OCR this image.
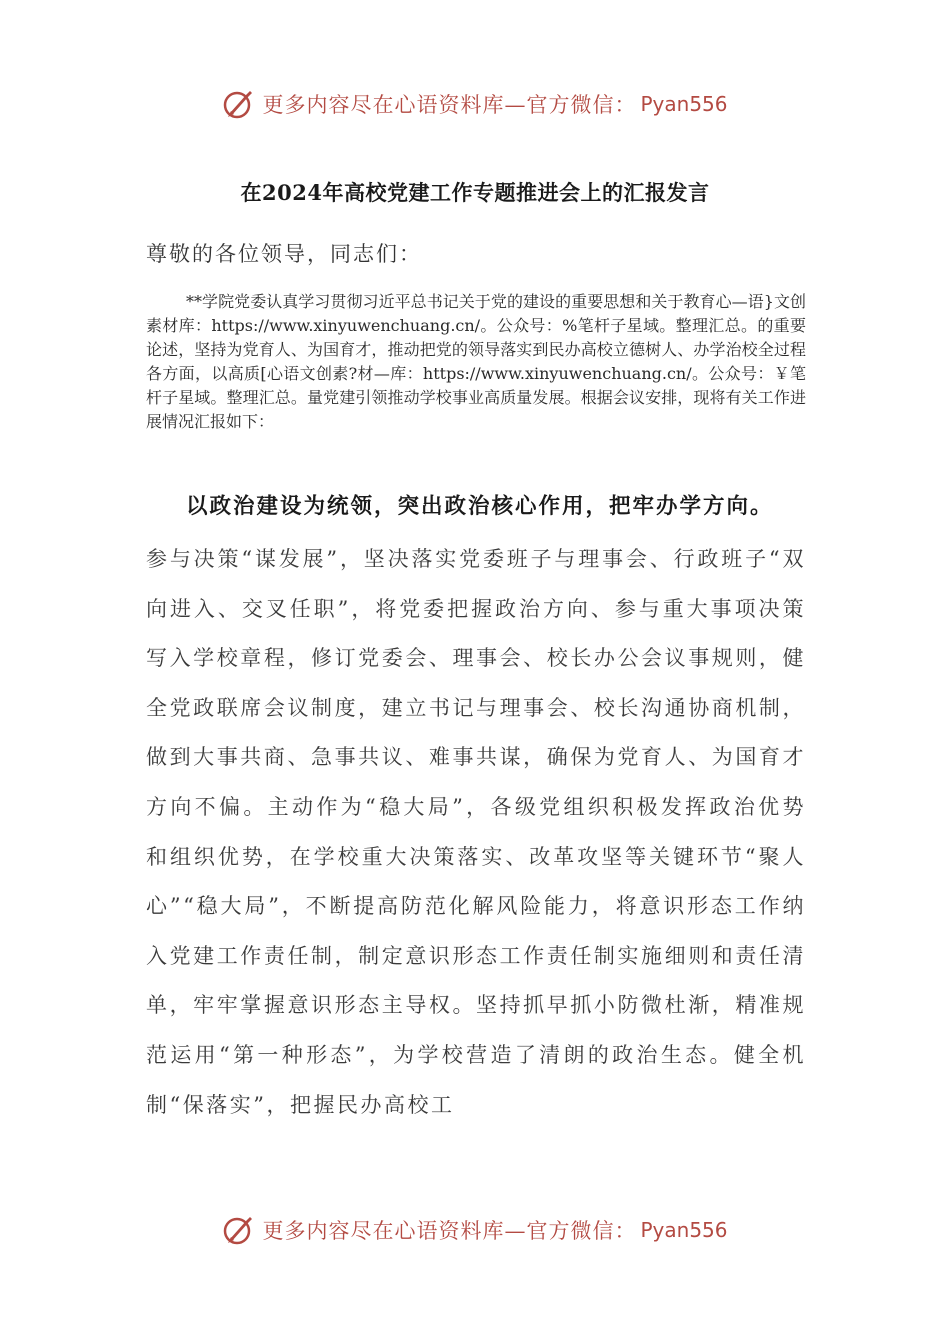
更多内容尽在心语资料库—官方微信： Pyan556
在2024年高校党建工作专题推进会上的汇报发言
尊敬的各位领导，同志们：
**学院党委认真学习贯彻习近平总书记关于党的建设的重要思想和关于教育心—语}文创素材库：https://www.xinyuwenchuang.cn/。公众号：%笔杆子星域。整理汇总。的重要论述，坚持为党育人、为国育才，推动把党的领导落实到民办高校立德树人、办学治校全过程各方面，以高质[心语文创素?材—库：https://www.xinyuwenchuang.cn/。公众号：￥笔杆子星域。整理汇总。量党建引领推动学校事业高质量发展。根据会议安排，现将有关工作进展情况汇报如下：
以政治建设为统领，突出政治核心作用，把牢办学方向。
参与决策“谋发展”，坚决落实党委班子与理事会、行政班子“双向进入、交叉任职”，将党委把握政治方向、参与重大事项决策写入学校章程，修订党委会、理事会、校长办公会议事规则，健全党政联席会议制度，建立书记与理事会、校长沟通协商机制，做到大事共商、急事共议、难事共谋，确保为党育人、为国育才方向不偏。主动作为“稳大局”，各级党组织积极发挥政治优势和组织优势，在学校重大决策落实、改革攻坚等关键环节“聚人心”“稳大局”，不断提高防范化解风险能力，将意识形态工作纳入党建工作责任制，制定意识形态工作责任制实施细则和责任清单，牢牢掌握意识形态主导权。坚持抓早抓小防微杜渐，精准规范运用“第一种形态”，为学校营造了清朗的政治生态。健全机制“保落实”，把握民办高校工
更多内容尽在心语资料库—官方微信： Pyan556
